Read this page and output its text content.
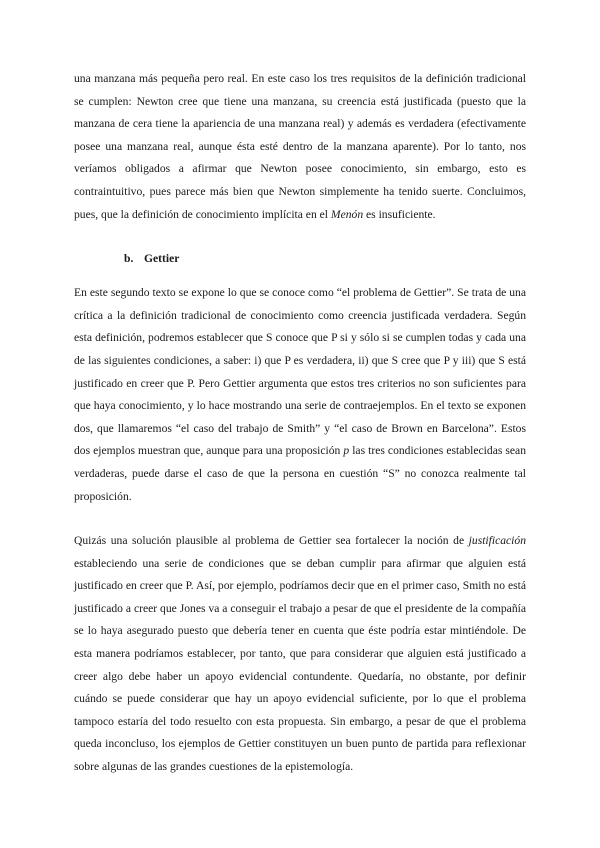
una manzana más pequeña pero real. En este caso los tres requisitos de la definición tradicional se cumplen: Newton cree que tiene una manzana, su creencia está justificada (puesto que la manzana de cera tiene la apariencia de una manzana real) y además es verdadera (efectivamente posee una manzana real, aunque ésta esté dentro de la manzana aparente). Por lo tanto, nos veríamos obligados a afirmar que Newton posee conocimiento, sin embargo, esto es contraintuitivo, pues parece más bien que Newton simplemente ha tenido suerte. Concluimos, pues, que la definición de conocimiento implícita en el Menón es insuficiente.

b. Gettier

En este segundo texto se expone lo que se conoce como “el problema de Gettier”. Se trata de una crítica a la definición tradicional de conocimiento como creencia justificada verdadera. Según esta definición, podremos establecer que S conoce que P si y sólo si se cumplen todas y cada una de las siguientes condiciones, a saber: i) que P es verdadera, ii) que S cree que P y iii) que S está justificado en creer que P. Pero Gettier argumenta que estos tres criterios no son suficientes para que haya conocimiento, y lo hace mostrando una serie de contraejemplos. En el texto se exponen dos, que llamaremos “el caso del trabajo de Smith” y “el caso de Brown en Barcelona”. Estos dos ejemplos muestran que, aunque para una proposición p las tres condiciones establecidas sean verdaderas, puede darse el caso de que la persona en cuestión “S” no conozca realmente tal proposición.

Quizás una solución plausible al problema de Gettier sea fortalecer la noción de justificación estableciendo una serie de condiciones que se deban cumplir para afirmar que alguien está justificado en creer que P. Así, por ejemplo, podríamos decir que en el primer caso, Smith no está justificado a creer que Jones va a conseguir el trabajo a pesar de que el presidente de la compañía se lo haya asegurado puesto que debería tener en cuenta que éste podría estar mintiéndole. De esta manera podríamos establecer, por tanto, que para considerar que alguien está justificado a creer algo debe haber un apoyo evidencial contundente. Quedaría, no obstante, por definir cuándo se puede considerar que hay un apoyo evidencial suficiente, por lo que el problema tampoco estaría del todo resuelto con esta propuesta. Sin embargo, a pesar de que el problema queda inconcluso, los ejemplos de Gettier constituyen un buen punto de partida para reflexionar sobre algunas de las grandes cuestiones de la epistemología.
